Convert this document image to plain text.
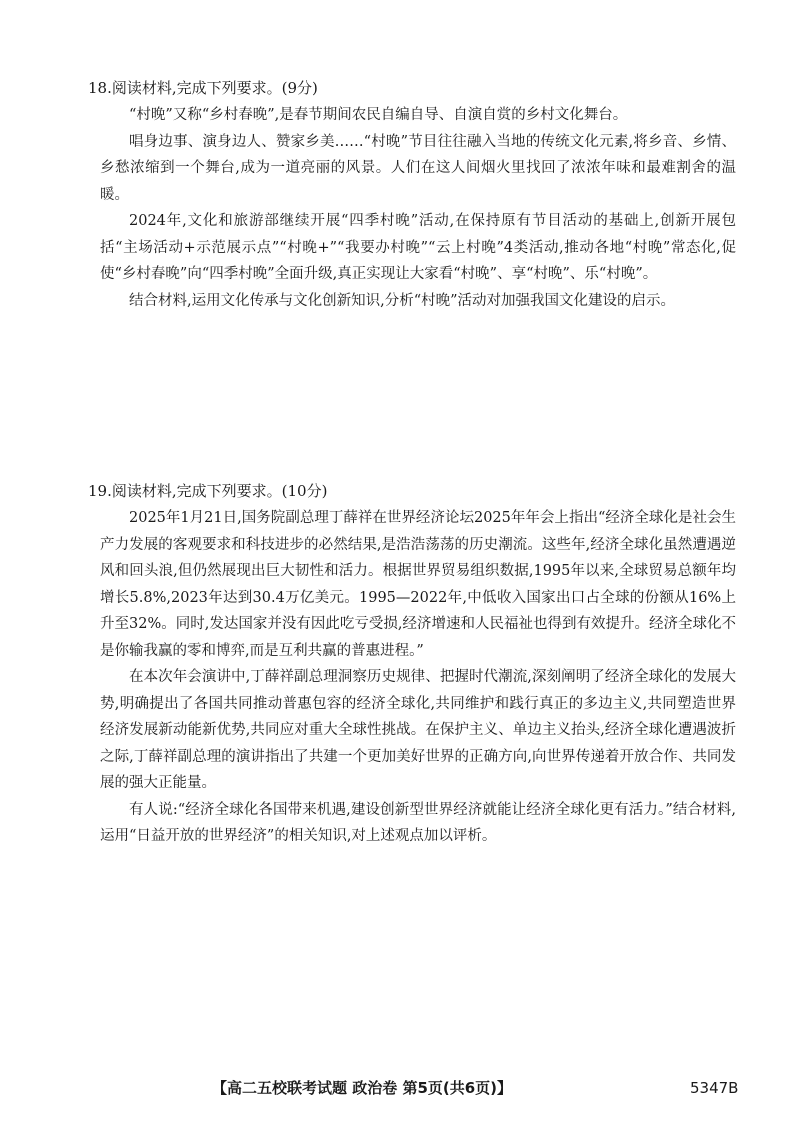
18.阅读材料,完成下列要求。(9分)

“村晚”又称“乡村春晚”,是春节期间农民自编自导、自演自赏的乡村文化舞台。

唱身边事、演身边人、赞家乡美……“村晚”节目往往融入当地的传统文化元素,将乡音、乡情、乡愁浓缩到一个舞台,成为一道亮丽的风景。人们在这人间烟火里找回了浓浓年味和最难割舍的温暖。

2024年,文化和旅游部继续开展“四季村晚”活动,在保持原有节目活动的基础上,创新开展包括“主场活动+示范展示点”“村晚+”“我要办村晚”“云上村晚”4类活动,推动各地“村晚”常态化,促使“乡村春晚”向“四季村晚”全面升级,真正实现让大家看“村晚”、享“村晚”、乐“村晚”。

结合材料,运用文化传承与文化创新知识,分析“村晚”活动对加强我国文化建设的启示。

19.阅读材料,完成下列要求。(10分)

2025年1月21日,国务院副总理丁薛祥在世界经济论坛2025年年会上指出“经济全球化是社会生产力发展的客观要求和科技进步的必然结果,是浩浩荡荡的历史潮流。这些年,经济全球化虽然遭遇逆风和回头浪,但仍然展现出巨大韧性和活力。根据世界贸易组织数据,1995年以来,全球贸易总额年均增长5.8%,2023年达到30.4万亿美元。1995—2022年,中低收入国家出口占全球的份额从16%上升至32%。同时,发达国家并没有因此吃亏受损,经济增速和人民福祉也得到有效提升。经济全球化不是你输我赢的零和博弈,而是互利共赢的普惠进程。”

在本次年会演讲中,丁薛祥副总理洞察历史规律、把握时代潮流,深刻阐明了经济全球化的发展大势,明确提出了各国共同推动普惠包容的经济全球化,共同维护和践行真正的多边主义,共同塑造世界经济发展新动能新优势,共同应对重大全球性挑战。在保护主义、单边主义抬头,经济全球化遭遇波折之际,丁薛祥副总理的演讲指出了共建一个更加美好世界的正确方向,向世界传递着开放合作、共同发展的强大正能量。

有人说:“经济全球化各国带来机遇,建设创新型世界经济就能让经济全球化更有活力。”结合材料,运用“日益开放的世界经济”的相关知识,对上述观点加以评析。

【高二五校联考试题 政治卷 第5页(共6页)】	5347B
